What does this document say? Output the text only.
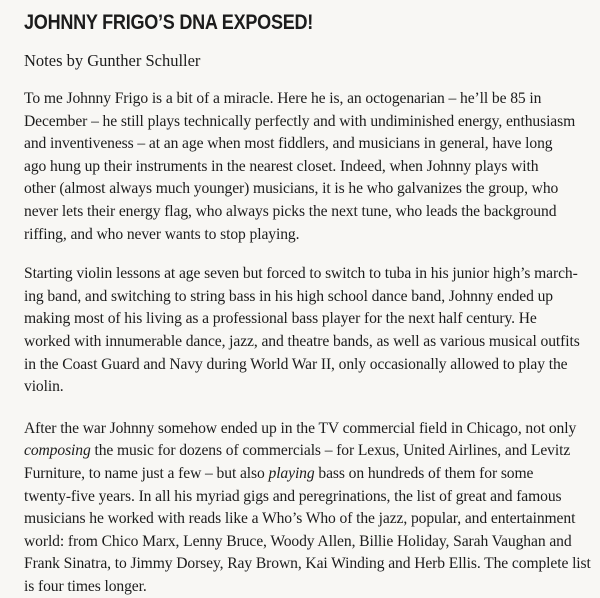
JOHNNY FRIGO’S DNA EXPOSED!

Notes by Gunther Schuller

To me Johnny Frigo is a bit of a miracle. Here he is, an octogenarian – he’ll be 85 in
December – he still plays technically perfectly and with undiminished energy, enthusiasm
and inventiveness – at an age when most fiddlers, and musicians in general, have long
ago hung up their instruments in the nearest closet. Indeed, when Johnny plays with
other (almost always much younger) musicians, it is he who galvanizes the group, who
never lets their energy flag, who always picks the next tune, who leads the background
riffing, and who never wants to stop playing.

Starting violin lessons at age seven but forced to switch to tuba in his junior high’s march-
ing band, and switching to string bass in his high school dance band, Johnny ended up
making most of his living as a professional bass player for the next half century. He
worked with innumerable dance, jazz, and theatre bands, as well as various musical outfits
in the Coast Guard and Navy during World War II, only occasionally allowed to play the
violin.

After the war Johnny somehow ended up in the TV commercial field in Chicago, not only
composing the music for dozens of commercials – for Lexus, United Airlines, and Levitz
Furniture, to name just a few – but also playing bass on hundreds of them for some
twenty-five years. In all his myriad gigs and peregrinations, the list of great and famous
musicians he worked with reads like a Who’s Who of the jazz, popular, and entertainment
world: from Chico Marx, Lenny Bruce, Woody Allen, Billie Holiday, Sarah Vaughan and
Frank Sinatra, to Jimmy Dorsey, Ray Brown, Kai Winding and Herb Ellis. The complete list
is four times longer.
